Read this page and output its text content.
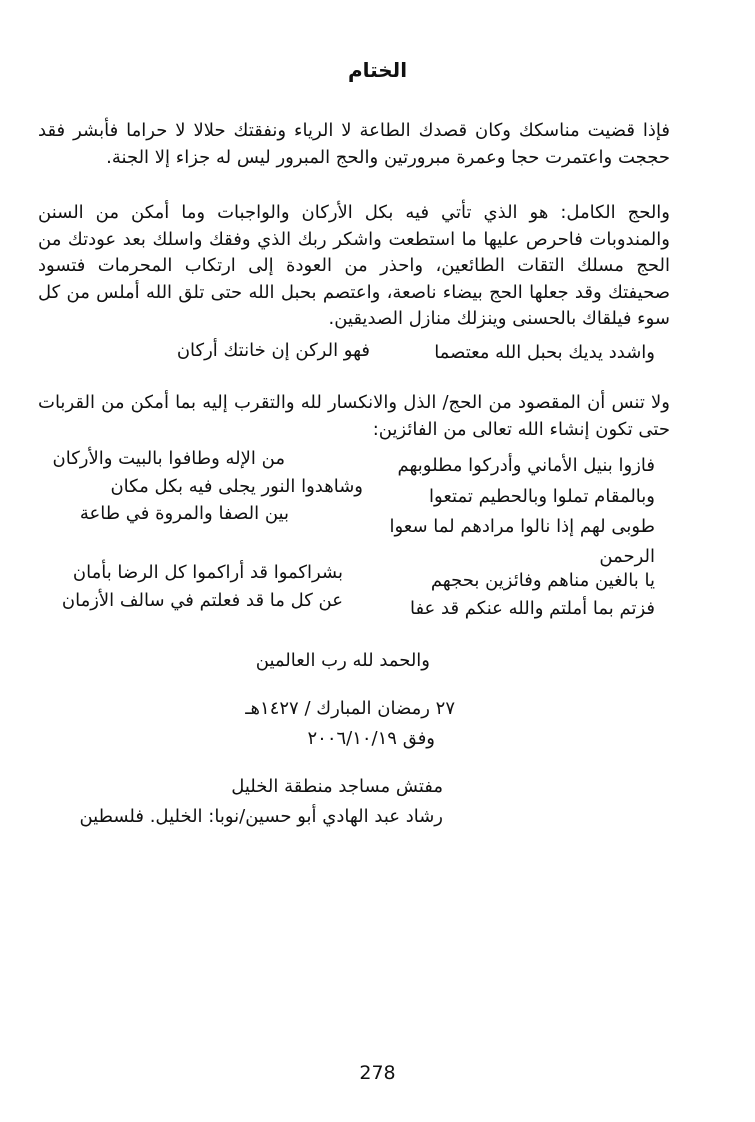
الختام
فإذا قضيت مناسكك وكان قصدك الطاعة لا الرياء ونفقتك حلالا لا حراما فأبشر فقد حججت واعتمرت حجا وعمرة مبرورتين والحج المبرور ليس له جزاء إلا الجنة.
والحج الكامل: هو الذي تأتي فيه بكل الأركان والواجبات وما أمكن من السنن والمندوبات فاحرص عليها ما استطعت واشكر ربك الذي وفقك واسلك بعد عودتك من الحج مسلك التقات الطائعين، واحذر من العودة إلى ارتكاب المحرمات فتسود صحيفتك وقد جعلها الحج بيضاء ناصعة، واعتصم بحبل الله حتى تلق الله أملس من كل سوء فيلقاك بالحسنى وينزلك منازل الصديقين.
واشدد يديك بحبل الله معتصما
فهو الركن إن خانتك أركان
ولا تنس أن المقصود من الحج/ الذل والانكسار لله والتقرب إليه بما أمكن من القربات حتى تكون إنشاء الله تعالى من الفائزين:
فازوا بنيل الأماني وأدركوا مطلوبهم
من الإله وطافوا بالبيت والأركان
وبالمقام تملوا وبالحطيم تمتعوا
وشاهدوا النور يجلى فيه بكل مكان
طوبى لهم إذا نالوا مرادهم لما سعوا
بين الصفا والمروة في طاعة
الرحمن
يا بالغين مناهم وفائزين بحجهم
بشراكموا قد أراكموا كل الرضا بأمان
فزتم بما أملتم والله عنكم قد عفا
عن كل ما قد فعلتم في سالف الأزمان
والحمد لله رب العالمين
٢٧ رمضان المبارك / ١٤٢٧هـ
وفق ٢٠٠٦/١٠/١٩
مفتش مساجد منطقة الخليل
رشاد عبد الهادي أبو حسين/نوبا: الخليل. فلسطين
278
